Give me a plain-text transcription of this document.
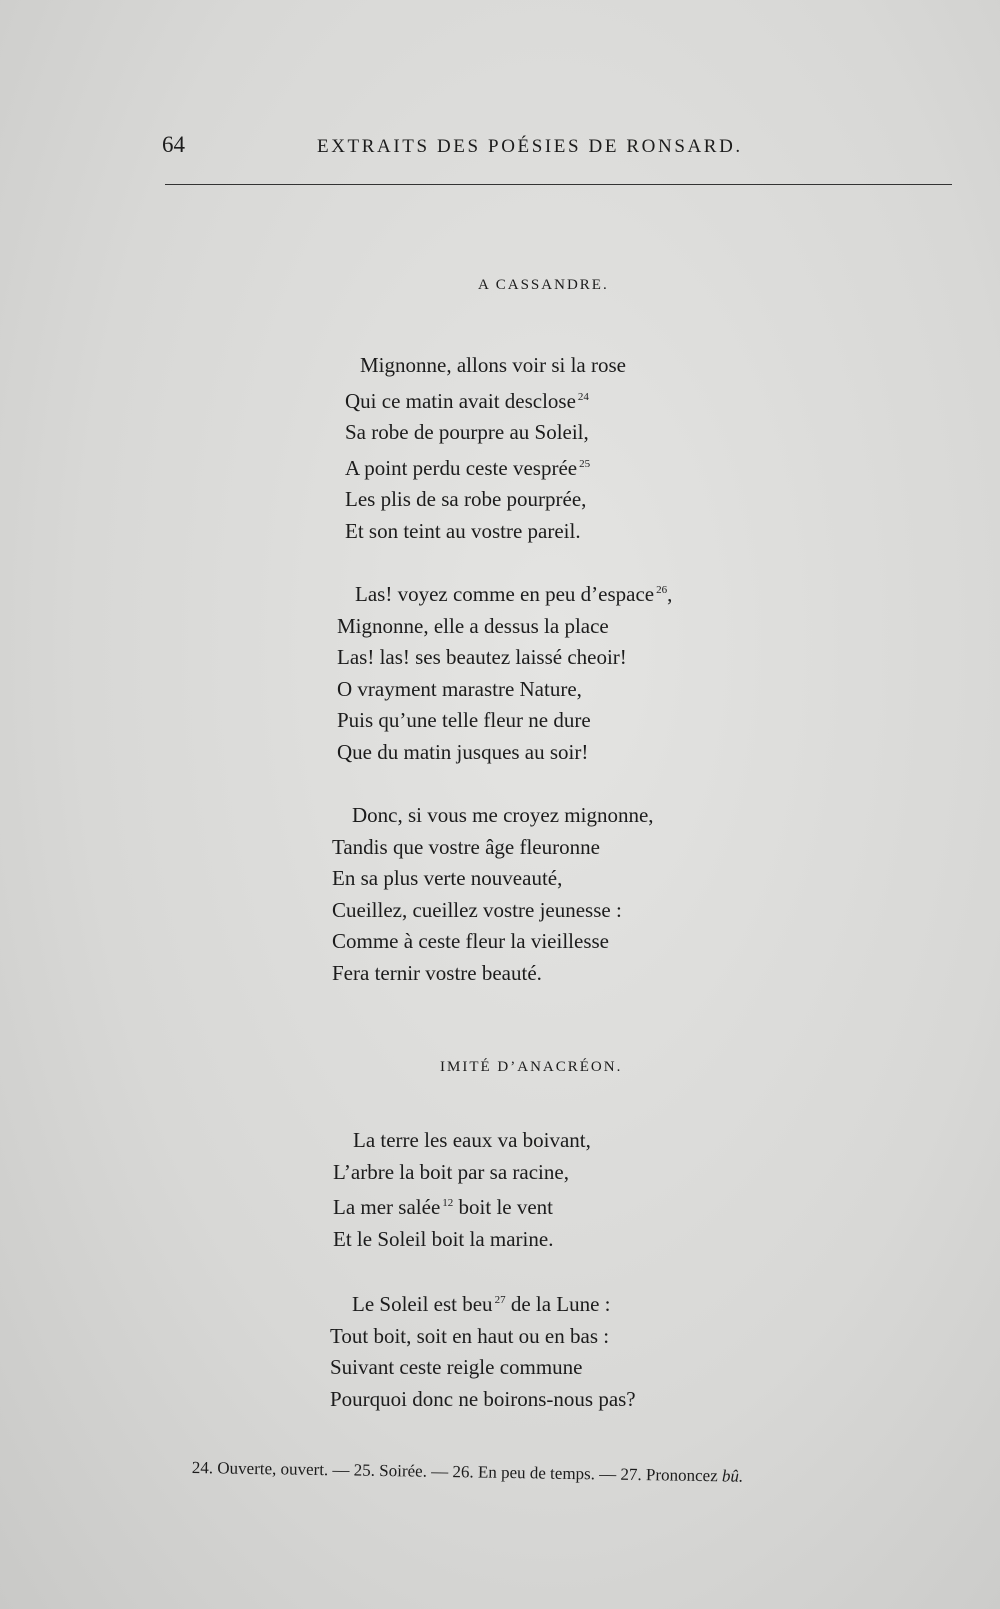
64	EXTRAITS DES POÉSIES DE RONSARD.
A CASSANDRE.
Mignonne, allons voir si la rose
Qui ce matin avait desclose $^{24}$
Sa robe de pourpre au Soleil,
A point perdu ceste vesprée $^{25}$
Les plis de sa robe pourprée,
Et son teint au vostre pareil.
Las! voyez comme en peu d’espace $^{26}$,
Mignonne, elle a dessus la place
Las! las! ses beautez laissé cheoir!
O vrayment marastre Nature,
Puis qu’une telle fleur ne dure
Que du matin jusques au soir!
Donc, si vous me croyez mignonne,
Tandis que vostre âge fleuronne
En sa plus verte nouveauté,
Cueillez, cueillez vostre jeunesse :
Comme à ceste fleur la vieillesse
Fera ternir vostre beauté.
IMITÉ D’ANACRÉON.
La terre les eaux va boivant,
L’arbre la boit par sa racine,
La mer salée $^{12}$ boit le vent
Et le Soleil boit la marine.
Le Soleil est beu $^{27}$ de la Lune :
Tout boit, soit en haut ou en bas :
Suivant ceste reigle commune
Pourquoi donc ne boirons-nous pas?
24. Ouverte, ouvert. — 25. Soirée. — 26. En peu de temps. — 27. Prononcez bû.
